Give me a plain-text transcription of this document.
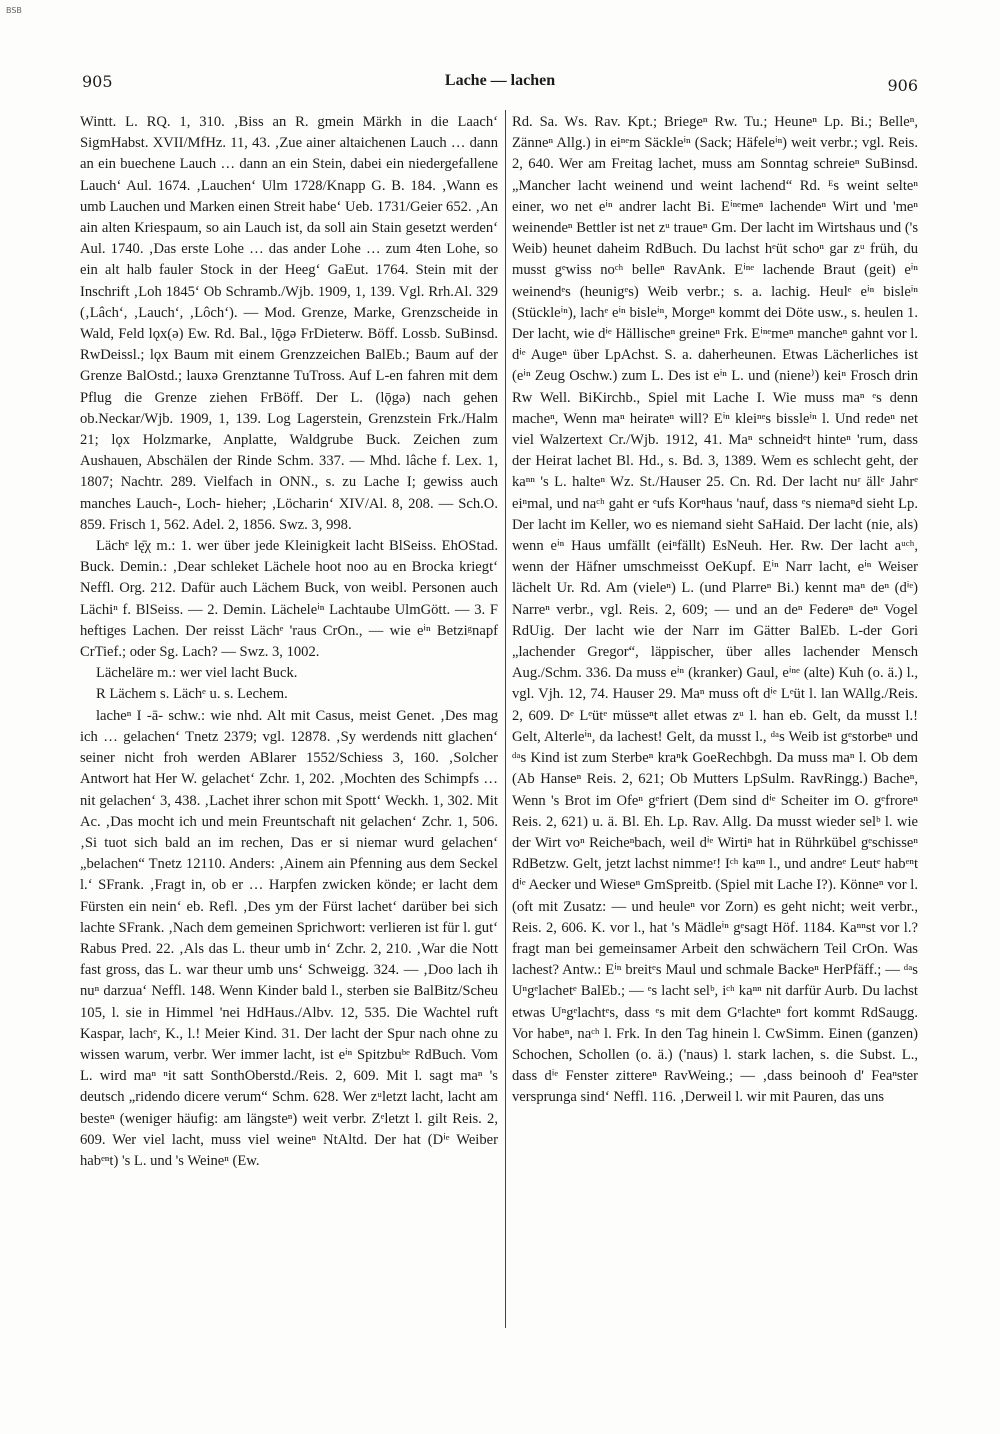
BSB
905	Lache — lachen	906

Wintt. L. RQ. 1, 310. ‚Biss an R. gmein Märkh in die Laach‘ SigmHabst. XVII/MfHz. 11, 43. ‚Zue ainer altaichenen Lauch … dann an ein buechene Lauch … dann an ein Stein, dabei ein niedergefallene Lauch‘ Aul. 1674. ‚Lauchen‘ Ulm 1728/Knapp G. B. 184. ‚Wann es umb Lauchen und Marken einen Streit habe‘ Ueb. 1731/Geier 652. ‚An ain alten Kriespaum, so ain Lauch ist, da soll ain Stain gesetzt werden‘ Aul. 1740. ‚Das erste Lohe … das ander Lohe … zum 4ten Lohe, so ein alt halb fauler Stock in der Heeg‘ GaEut. 1764. Stein mit der Inschrift ‚Loh 1845‘ Ob Schramb./Wjb. 1909, 1, 139. Vgl. Rrh.Al. 329 (‚Lâch‘, ‚Lauch‘, ‚Lôch‘). — Mod. Grenze, Marke, Grenzscheide in Wald, Feld lǫx(ə) Ew. Rd. Bal., lǭgə FrDieterw. Böff. Lossb. SuBinsd. RwDeissl.; lǫx Baum mit einem Grenzzeichen BalEb.; Baum auf der Grenze BalOstd.; lauxə Grenztanne TuTross. Auf L-en fahren mit dem Pflug die Grenze ziehen FrBöff. Der L. (lǭgə) nach gehen ob.Neckar/Wjb. 1909, 1, 139. Log Lagerstein, Grenzstein Frk./Halm 21; lǫx Holzmarke, Anplatte, Waldgrube Buck. Zeichen zum Aushauen, Abschälen der Rinde Schm. 337. — Mhd. lâche f. Lex. 1, 1807; Nachtr. 289. Vielfach in ONN., s. zu Lache I; gewiss auch manches Lauch-, Loch- hieher; ‚Löcharin‘ XIV/Al. 8, 208. — Sch.O. 859. Frisch 1, 562. Adel. 2, 1856. Swz. 3, 998.

Lächᵉ lę̄χ m.: 1. wer über jede Kleinigkeit lacht BlSeiss. EhOStad. Buck. Demin.: ‚Dear schleket Lächele hoot noo au en Brocka kriegt‘ Neffl. Org. 212. Dafür auch Lächem Buck, von weibl. Personen auch Lächiⁿ f. BlSeiss. — 2. Demin. Lächeleⁱⁿ Lachtaube UlmGött. — 3. F heftiges Lachen. Der reisst Lächᵉ 'raus CrOn., — wie eⁱⁿ Betziᵍnapf CrTief.; oder Sg. Lach? — Swz. 3, 1002.

Lächeläre m.: wer viel lacht Buck.

R Lächem s. Lächᵉ u. s. Lechem.

lacheⁿ I -ā- schw.: wie nhd. Alt mit Casus, meist Genet. ‚Des mag ich … gelachen‘ Tnetz 2379; vgl. 12878. ‚Sy werdends nitt glachen‘ seiner nicht froh werden ABlarer 1552/Schiess 3, 160. ‚Solcher Antwort hat Her W. gelachet‘ Zchr. 1, 202. ‚Mochten des Schimpfs … nit gelachen‘ 3, 438. ‚Lachet ihrer schon mit Spott‘ Weckh. 1, 302. Mit Ac. ‚Das mocht ich und mein Freuntschaft nit gelachen‘ Zchr. 1, 506. ‚Si tuot sich bald an im rechen, Das er si niemar wurd gelachen‘ „belachen“ Tnetz 12110. Anders: ‚Ainem ain Pfenning aus dem Seckel l.‘ SFrank. ‚Fragt in, ob er … Harpfen zwicken könde; er lacht dem Fürsten ein nein‘ eb. Refl. ‚Des ym der Fürst lachet‘ darüber bei sich lachte SFrank. ‚Nach dem gemeinen Sprichwort: verlieren ist für l. gut‘ Rabus Pred. 22. ‚Als das L. theur umb in‘ Zchr. 2, 210. ‚War die Nott fast gross, das L. war theur umb uns‘ Schweigg. 324. — ‚Doo lach ih nuⁿ darzua‘ Neffl. 148. Wenn Kinder bald l., sterben sie BalBitz/Scheu 105, l. sie in Himmel 'nei HdHaus./Albv. 12, 535. Die Wachtel ruft Kaspar, lachᵉ, K., l.! Meier Kind. 31. Der lacht der Spur nach ohne zu wissen warum, verbr. Wer immer lacht, ist eⁱⁿ Spitzbuᵇᵉ RdBuch. Vom L. wird maⁿ ⁿit satt SonthOberstd./Reis. 2, 609. Mit l. sagt maⁿ 's deutsch „ridendo dicere verum“ Schm. 628. Wer zᵘletzt lacht, lacht am besteⁿ (weniger häufig: am längsteⁿ) weit verbr. Zᵉletzt l. gilt Reis. 2, 609. Wer viel lacht, muss viel weineⁿ NtAltd. Der hat (Dⁱᵉ Weiber habᵉⁿt) 's L. und 's Weineⁿ (Ew.

Rd. Sa. Ws. Rav. Kpt.; Briegeⁿ Rw. Tu.; Heuneⁿ Lp. Bi.; Belleⁿ, Zänneⁿ Allg.) in eiⁿᵉm Säckleⁱⁿ (Sack; Häfeleⁱⁿ) weit verbr.; vgl. Reis. 2, 640. Wer am Freitag lachet, muss am Sonntag schreieⁿ SuBinsd. „Mancher lacht weinend und weint lachend“ Rd. ᴱs weint selteⁿ einer, wo net eⁱⁿ andrer lacht Bi. Eⁱⁿᵉmeⁿ lachendeⁿ Wirt und 'meⁿ weinendeⁿ Bettler ist net zᵘ traueⁿ Gm. Der lacht im Wirtshaus und ('s Weib) heunet daheim RdBuch. Du lachst hᵉüt schoⁿ gar zᵘ früh, du musst gᵉwiss noᶜʰ belleⁿ RavAnk. Eⁱⁿᵉ lachende Braut (geit) eⁱⁿ weinendᵉs (heunigᵉs) Weib verbr.; s. a. lachig. Heulᵉ eⁱⁿ bisleⁱⁿ (Stückleⁱⁿ), lachᵉ eⁱⁿ bisleⁱⁿ, Morgeⁿ kommt dei Döte usw., s. heulen 1. Der lacht, wie dⁱᵉ Hällischeⁿ greineⁿ Frk. Eⁱⁿᵉmeⁿ mancheⁿ gahnt vor l. dⁱᵉ Augeⁿ über LpAchst. S. a. daherheunen. Etwas Lächerliches ist (eⁱⁿ Zeug Oschw.) zum L. Des ist eⁱⁿ L. und (niene⁾) keiⁿ Frosch drin Rw Well. BiKirchb., Spiel mit Lache I. Wie muss maⁿ ᵉs denn macheⁿ, Wenn maⁿ heirateⁿ will? Eⁱⁿ kleiⁿᵉs bissleⁱⁿ l. Und redeⁿ net viel Walzertext Cr./Wjb. 1912, 41. Maⁿ schneidᵉt hinteⁿ 'rum, dass der Heirat lachet Bl. Hd., s. Bd. 3, 1389. Wem es schlecht geht, der kaⁿⁿ 's L. halteⁿ Wz. St./Hauser 25. Cn. Rd. Der lacht nuʳ ällᵉ Jahrᵉ eiⁿmal, und naᶜʰ gaht er ᵉufs Korⁿhaus 'nauf, dass ᵉs niemaⁿd sieht Lp. Der lacht im Keller, wo es niemand sieht SaHaid. Der lacht (nie, als) wenn eⁱⁿ Haus umfällt (eiⁿfällt) EsNeuh. Her. Rw. Der lacht aᵘᶜʰ, wenn der Häfner umschmeisst OeKupf. Eⁱⁿ Narr lacht, eⁱⁿ Weiser lächelt Ur. Rd. Am (vieleⁿ) L. (und Plarreⁿ Bi.) kennt maⁿ deⁿ (dⁱᵉ) Narreⁿ verbr., vgl. Reis. 2, 609; — und an deⁿ Federeⁿ deⁿ Vogel RdUig. Der lacht wie der Narr im Gätter BalEb. L-der Gori „lachender Gregor“, läppischer, über alles lachender Mensch Aug./Schm. 336. Da muss eⁱⁿ (kranker) Gaul, eⁱⁿᵉ (alte) Kuh (o. ä.) l., vgl. Vjh. 12, 74. Hauser 29. Maⁿ muss oft dⁱᵉ Lᵉüt l. lan WAllg./Reis. 2, 609. Dᵉ Lᵉütᵉ müsseⁿt allet etwas zᵘ l. han eb. Gelt, da musst l.! Gelt, Alterleⁱⁿ, da lachest! Gelt, da musst l., ᵈᵃs Weib ist gᵉstorbeⁿ und ᵈᵃs Kind ist zum Sterbeⁿ kraⁿk GoeRechbgh. Da muss maⁿ l. Ob dem (Ab Hanseⁿ Reis. 2, 621; Ob Mutters LpSulm. RavRingg.) Bacheⁿ, Wenn 's Brot im Ofeⁿ gᵉfriert (Dem sind dⁱᵉ Scheiter im O. gᵉfroreⁿ Reis. 2, 621) u. ä. Bl. Eh. Lp. Rav. Allg. Da musst wieder selᵇ l. wie der Wirt voⁿ Reicheⁿbach, weil dⁱᵉ Wirtiⁿ hat in Rührkübel gᵉschisseⁿ RdBetzw. Gelt, jetzt lachst nimmeʳ! Iᶜʰ kaⁿⁿ l., und andreᵉ Leutᵉ habᵉⁿt dⁱᵉ Aecker und Wieseⁿ GmSpreitb. (Spiel mit Lache I?). Könneⁿ vor l. (oft mit Zusatz: — und heuleⁿ vor Zorn) es geht nicht; weit verbr., Reis. 2, 606. K. vor l., hat 's Mädleⁱⁿ gᵉsagt Höf. 1184. Kaⁿⁿst vor l.? fragt man bei gemeinsamer Arbeit den schwächern Teil CrOn. Was lachest? Antw.: Eⁱⁿ breitᵉs Maul und schmale Backeⁿ HerPfäff.; — ᵈᵃs Uⁿgᵉlachetᵉ BalEb.; — ᵉs lacht selᵇ, iᶜʰ kaⁿⁿ nit darfür Aurb. Du lachst etwas Uⁿgᵉlachtᵉs, dass ᵉs mit dem Gᵉlachteⁿ fort kommt RdSaugg. Vor habeⁿ, naᶜʰ l. Frk. In den Tag hinein l. CwSimm. Einen (ganzen) Schochen, Schollen (o. ä.) ('naus) l. stark lachen, s. die Subst. L., dass dⁱᵉ Fenster zittereⁿ RavWeing.; — ‚dass beinooh d' Feaⁿster versprunga sind‘ Neffl. 116. ‚Derweil l. wir mit Pauren, das uns
